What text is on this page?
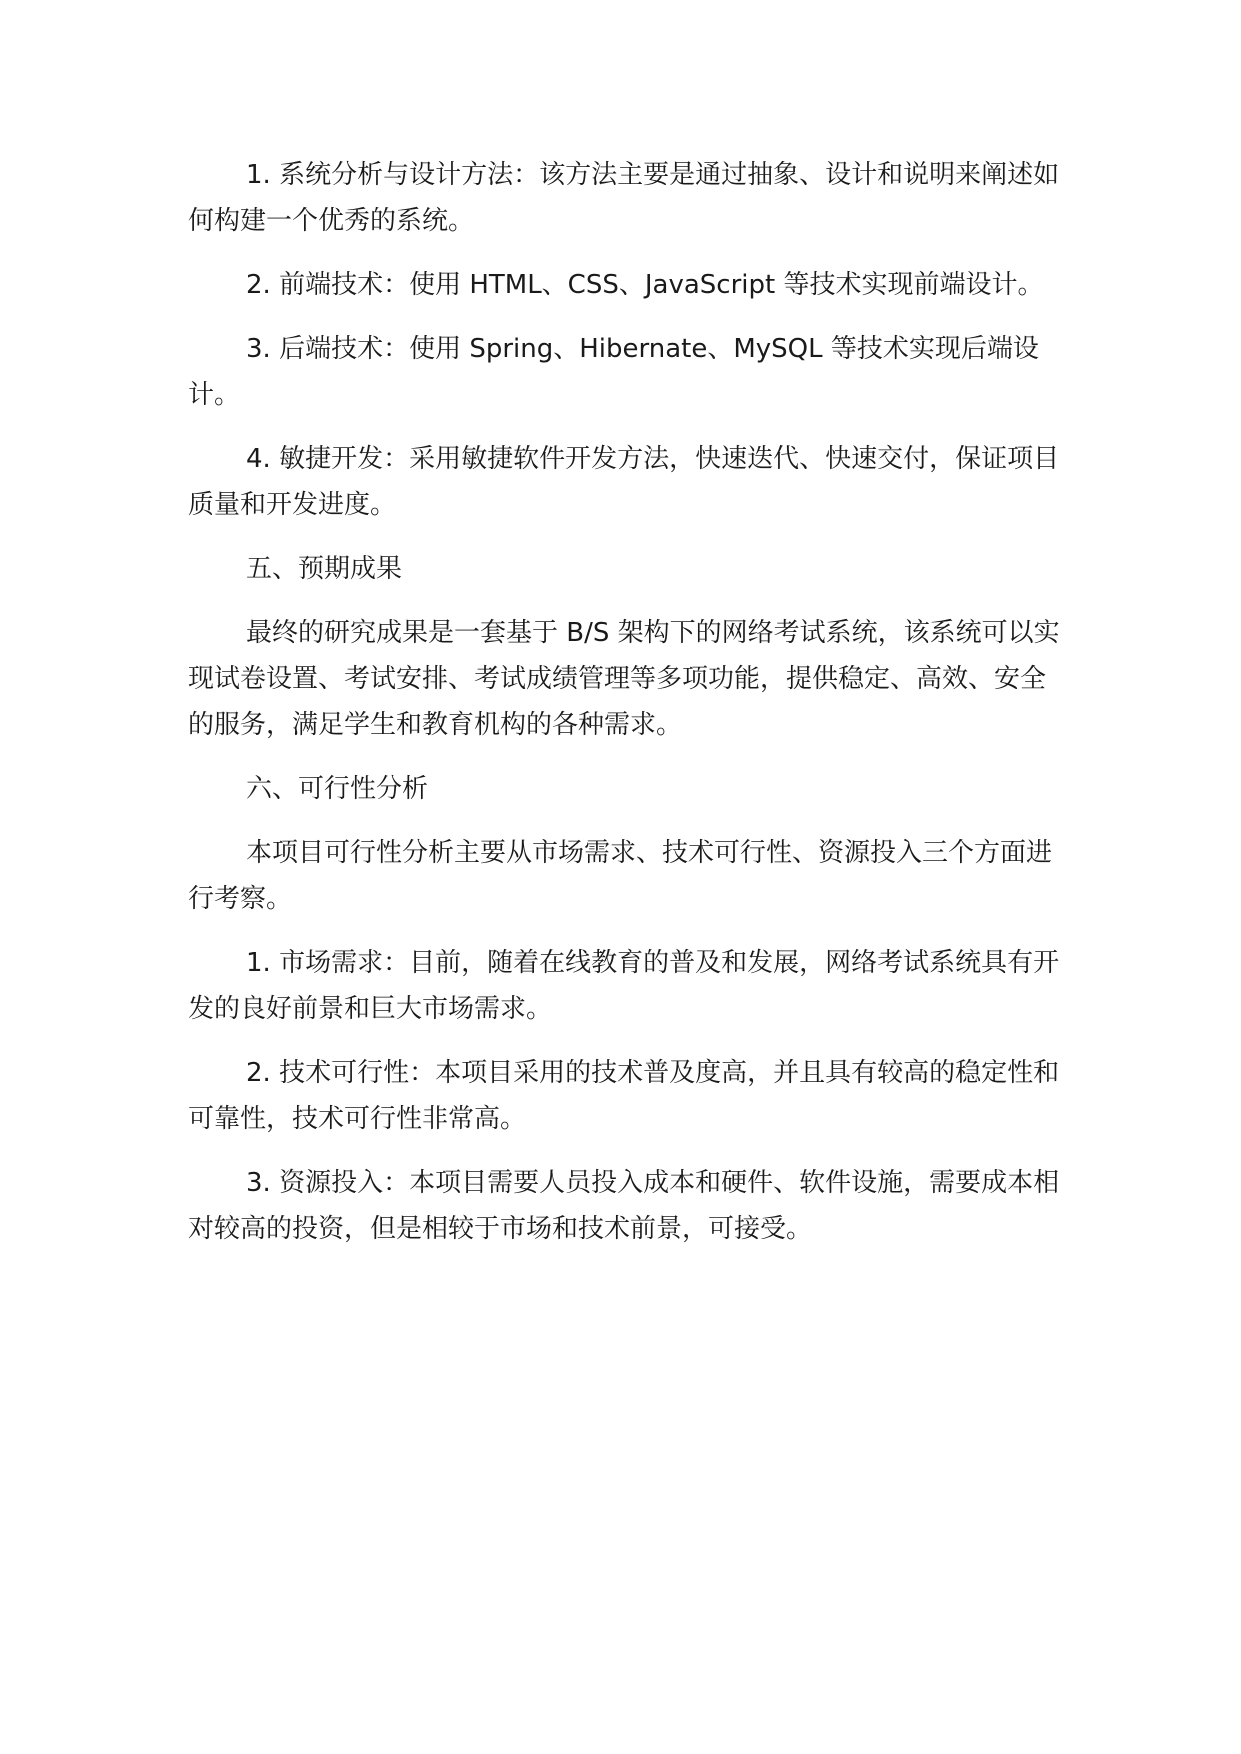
1. 系统分析与设计方法：该方法主要是通过抽象、设计和说明来阐述如何构建一个优秀的系统。

2. 前端技术：使用 HTML、CSS、JavaScript 等技术实现前端设计。

3. 后端技术：使用 Spring、Hibernate、MySQL 等技术实现后端设计。

4. 敏捷开发：采用敏捷软件开发方法，快速迭代、快速交付，保证项目质量和开发进度。

五、预期成果

最终的研究成果是一套基于 B/S 架构下的网络考试系统，该系统可以实现试卷设置、考试安排、考试成绩管理等多项功能，提供稳定、高效、安全的服务，满足学生和教育机构的各种需求。

六、可行性分析

本项目可行性分析主要从市场需求、技术可行性、资源投入三个方面进行考察。

1. 市场需求：目前，随着在线教育的普及和发展，网络考试系统具有开发的良好前景和巨大市场需求。

2. 技术可行性：本项目采用的技术普及度高，并且具有较高的稳定性和可靠性，技术可行性非常高。

3. 资源投入：本项目需要人员投入成本和硬件、软件设施，需要成本相对较高的投资，但是相较于市场和技术前景，可接受。
